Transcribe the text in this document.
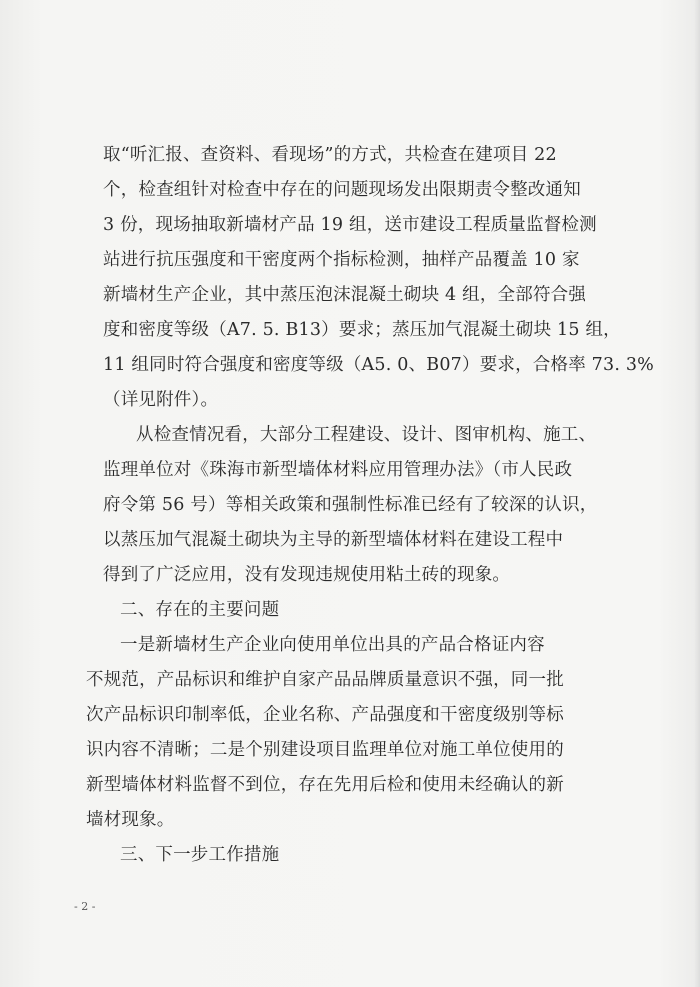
取“听汇报、查资料、看现场”的方式，共检查在建项目 22
个，检查组针对检查中存在的问题现场发出限期责令整改通知
3 份，现场抽取新墙材产品 19 组，送市建设工程质量监督检测
站进行抗压强度和干密度两个指标检测，抽样产品覆盖 10 家
新墙材生产企业，其中蒸压泡沫混凝土砌块 4 组，全部符合强
度和密度等级（A7. 5. B13）要求；蒸压加气混凝土砌块 15 组，
11 组同时符合强度和密度等级（A5. 0、B07）要求，合格率 73. 3%
（详见附件）。
从检查情况看，大部分工程建设、设计、图审机构、施工、
监理单位对《珠海市新型墙体材料应用管理办法》（市人民政
府令第 56 号）等相关政策和强制性标准已经有了较深的认识，
以蒸压加气混凝土砌块为主导的新型墙体材料在建设工程中
得到了广泛应用，没有发现违规使用粘土砖的现象。
二、存在的主要问题
一是新墙材生产企业向使用单位出具的产品合格证内容
不规范，产品标识和维护自家产品品牌质量意识不强，同一批
次产品标识印制率低，企业名称、产品强度和干密度级别等标
识内容不清晰；二是个别建设项目监理单位对施工单位使用的
新型墙体材料监督不到位，存在先用后检和使用未经确认的新
墙材现象。
三、下一步工作措施
- 2 -
